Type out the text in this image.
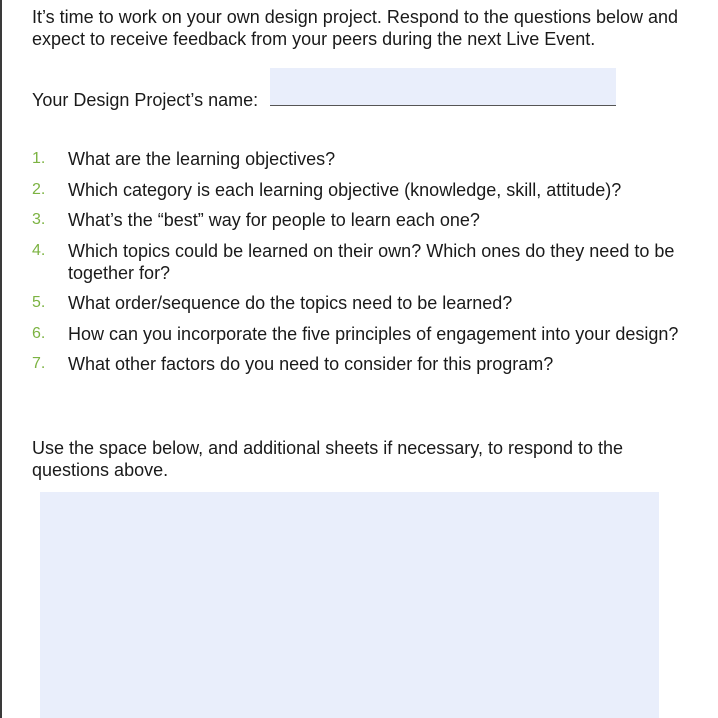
It’s time to work on your own design project. Respond to the questions below and expect to receive feedback from your peers during the next Live Event.

Your Design Project’s name:
1.	What are the learning objectives?
2.	Which category is each learning objective (knowledge, skill, attitude)?
3.	What’s the “best” way for people to learn each one?
4.	Which topics could be learned on their own? Which ones do they need to be together for?
5.	What order/sequence do the topics need to be learned?
6.	How can you incorporate the five principles of engagement into your design?
7.	What other factors do you need to consider for this program?

Use the space below, and additional sheets if necessary, to respond to the questions above.
